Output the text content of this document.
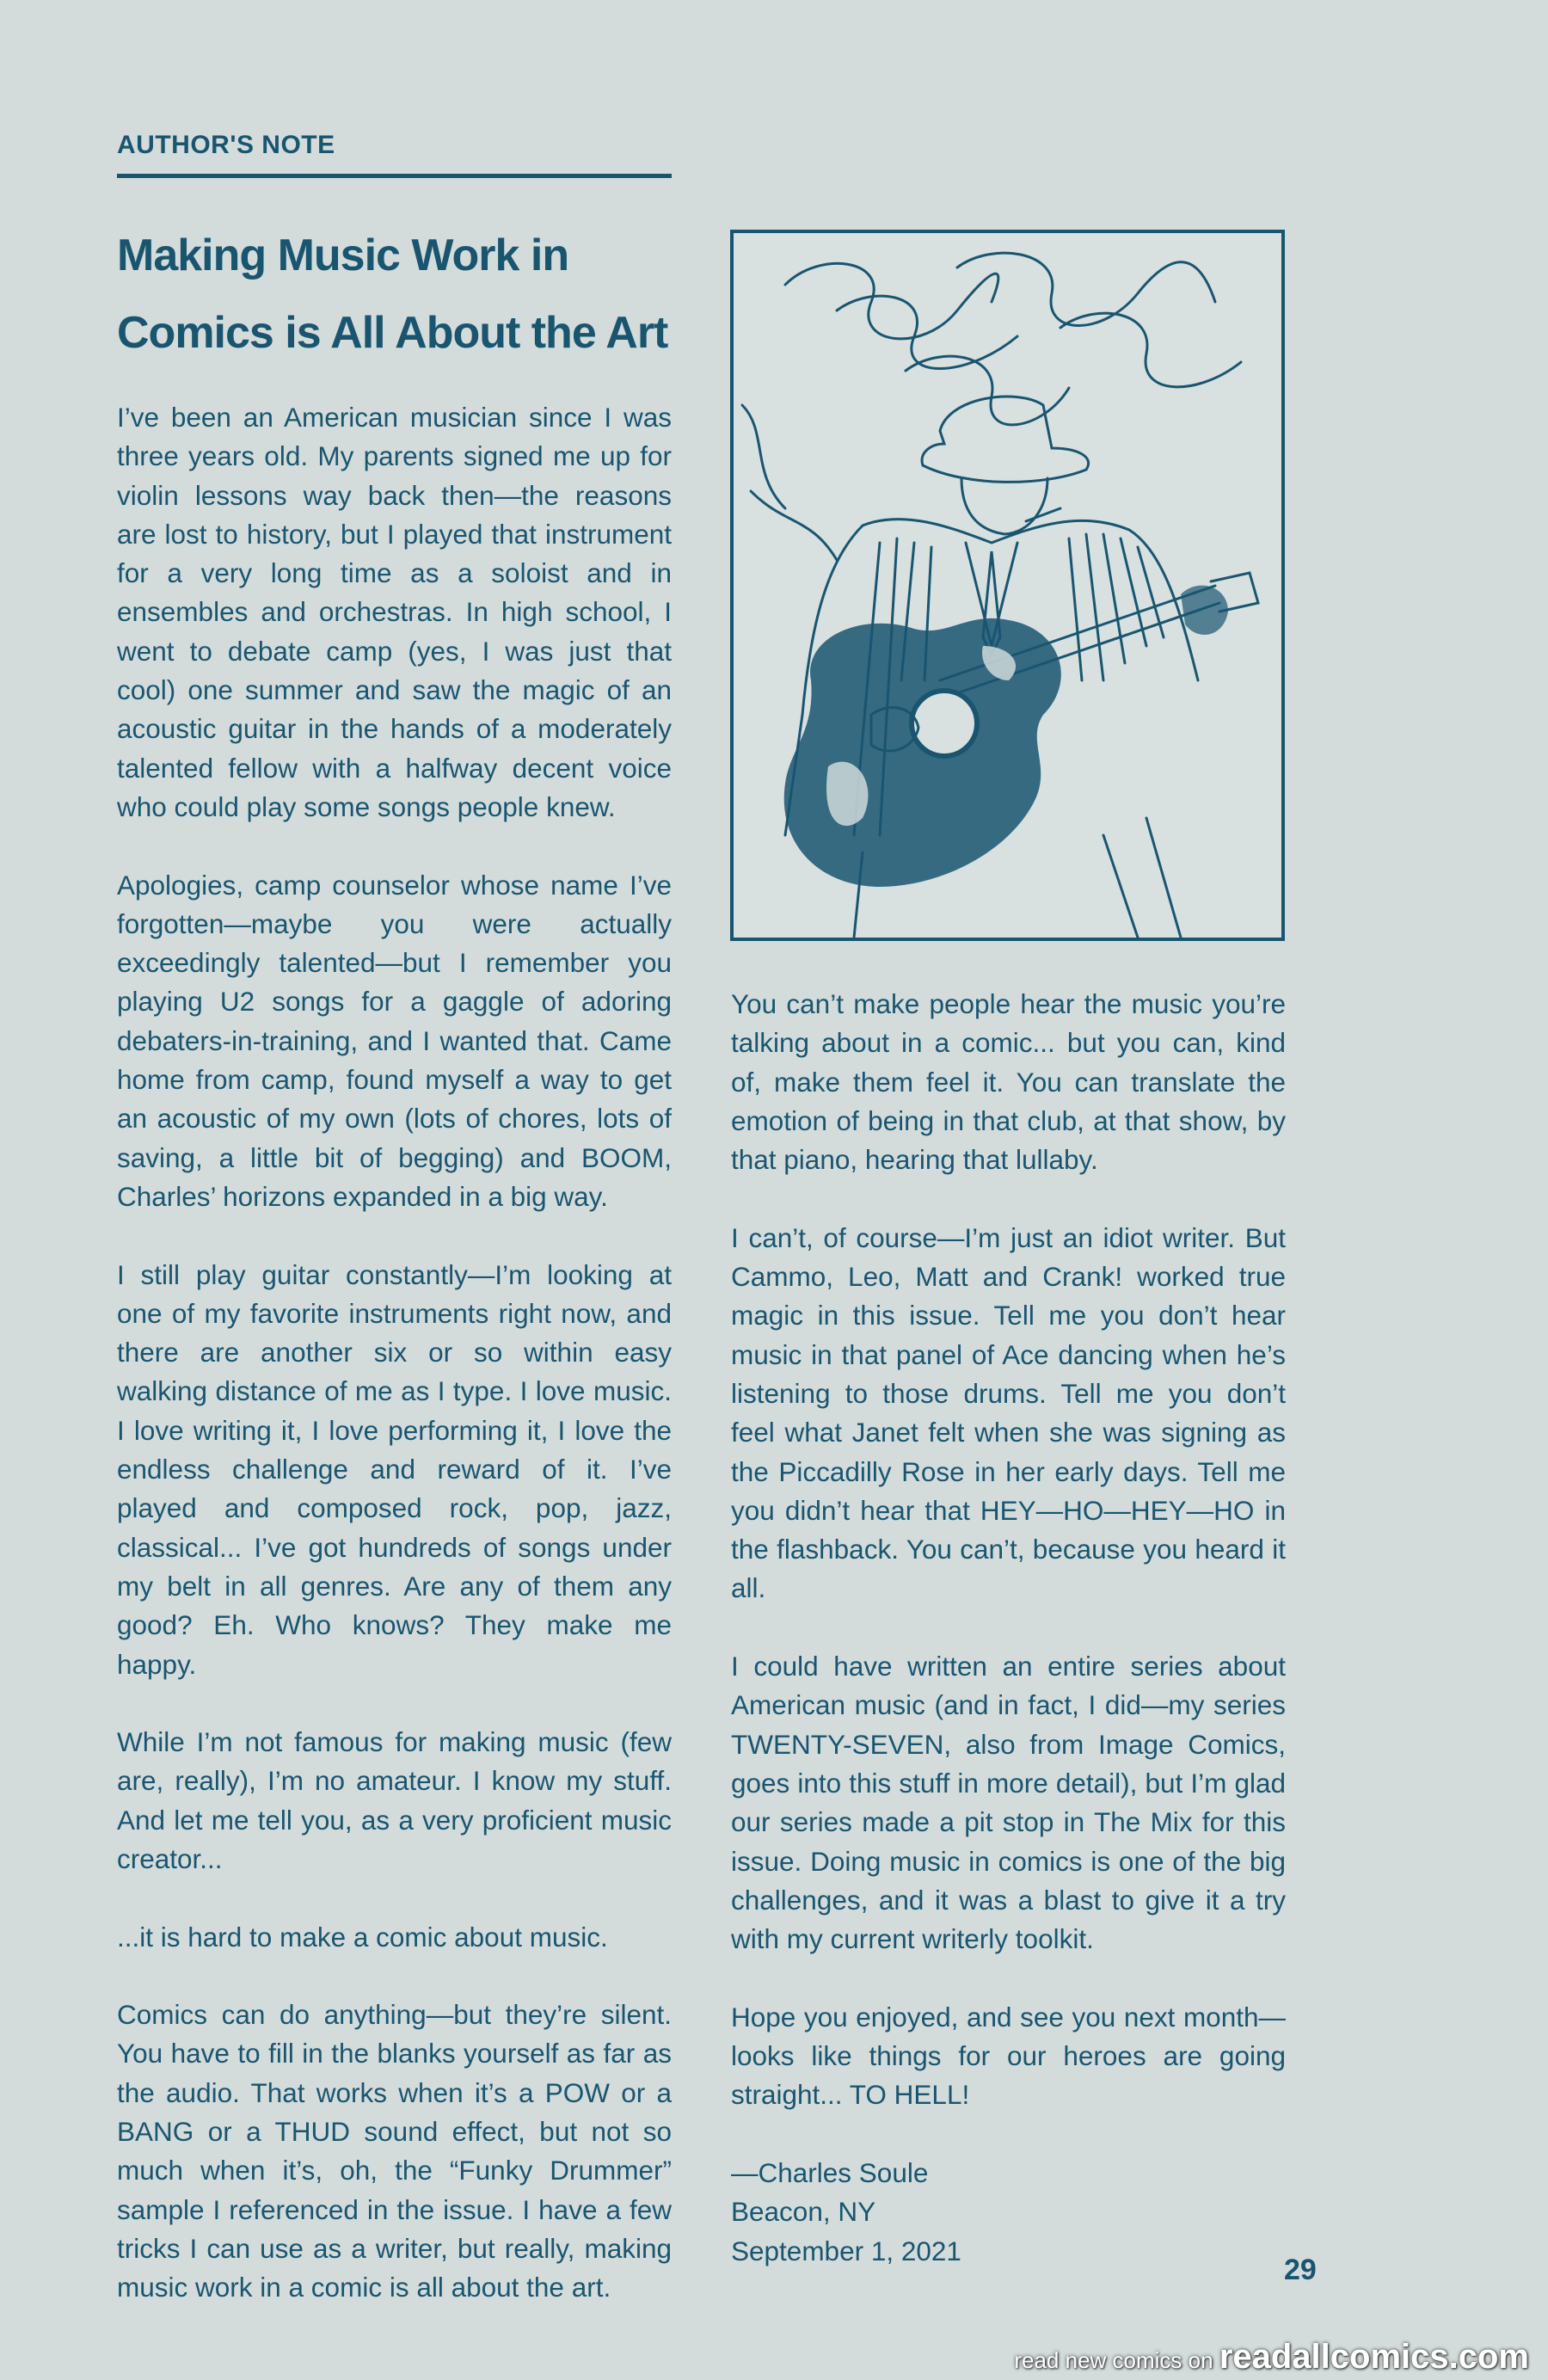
AUTHOR'S NOTE
Making Music Work in
Comics is All About the Art

I’ve been an American musician since I was three years old. My parents signed me up for violin lessons way back then—the reasons are lost to history, but I played that instrument for a very long time as a soloist and in ensembles and orchestras. In high school, I went to debate camp (yes, I was just that cool) one summer and saw the magic of an acoustic guitar in the hands of a moderately talented fellow with a halfway decent voice who could play some songs people knew.

Apologies, camp counselor whose name I’ve forgotten—maybe you were actually exceedingly talented—but I remember you playing U2 songs for a gaggle of adoring debaters-in-training, and I wanted that. Came home from camp, found myself a way to get an acoustic of my own (lots of chores, lots of saving, a little bit of begging) and BOOM, Charles’ horizons expanded in a big way.

I still play guitar constantly—I’m looking at one of my favorite instruments right now, and there are another six or so within easy walking distance of me as I type. I love music. I love writing it, I love performing it, I love the endless challenge and reward of it. I’ve played and composed rock, pop, jazz, classical... I’ve got hundreds of songs under my belt in all genres. Are any of them any good? Eh. Who knows? They make me happy.

While I’m not famous for making music (few are, really), I’m no amateur. I know my stuff. And let me tell you, as a very proficient music creator...

...it is hard to make a comic about music.

Comics can do anything—but they’re silent. You have to fill in the blanks yourself as far as the audio. That works when it’s a POW or a BANG or a THUD sound effect, but not so much when it’s, oh, the “Funky Drummer” sample I referenced in the issue. I have a few tricks I can use as a writer, but really, making music work in a comic is all about the art.

You can’t make people hear the music you’re talking about in a comic... but you can, kind of, make them feel it. You can translate the emotion of being in that club, at that show, by that piano, hearing that lullaby.

I can’t, of course—I’m just an idiot writer. But Cammo, Leo, Matt and Crank! worked true magic in this issue. Tell me you don’t hear music in that panel of Ace dancing when he’s listening to those drums. Tell me you don’t feel what Janet felt when she was signing as the Piccadilly Rose in her early days. Tell me you didn’t hear that HEY—HO—HEY—HO in the flashback. You can’t, because you heard it all.

I could have written an entire series about American music (and in fact, I did—my series TWENTY-SEVEN, also from Image Comics, goes into this stuff in more detail), but I’m glad our series made a pit stop in The Mix for this issue. Doing music in comics is one of the big challenges, and it was a blast to give it a try with my current writerly toolkit.

Hope you enjoyed, and see you next month—looks like things for our heroes are going straight... TO HELL!

—Charles Soule
Beacon, NY
September 1, 2021
29
read new comics on readallcomics.com
